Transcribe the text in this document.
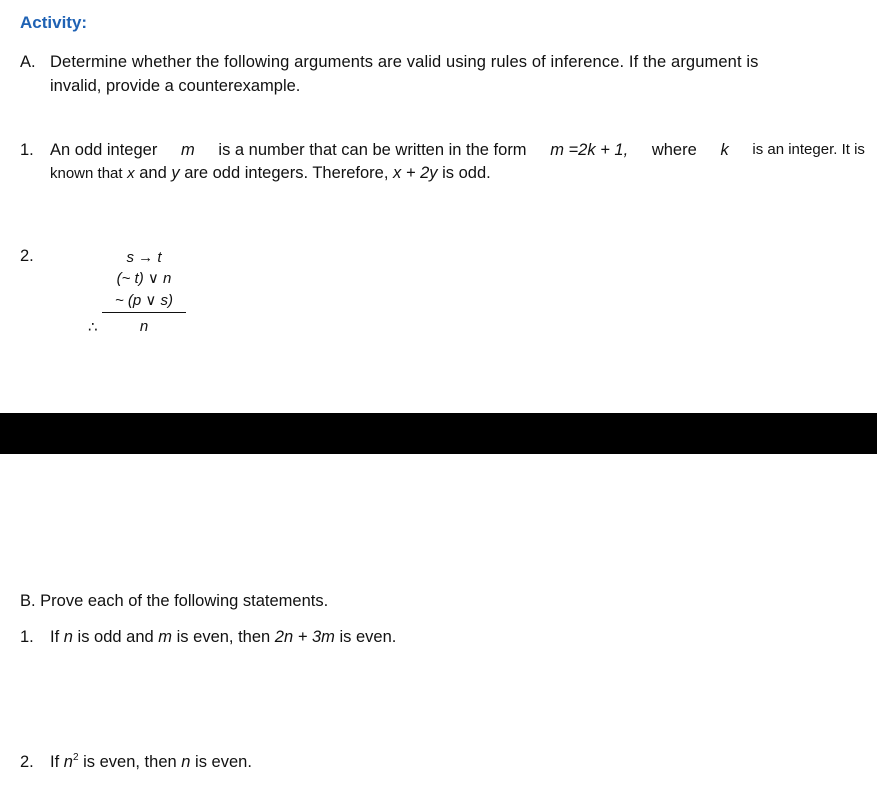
Activity:
A. Determine whether the following arguments are valid using rules of inference. If the argument is
invalid, provide a counterexample.
1. An odd integer m is a number that can be written in the form m =2k + 1, where k is an integer. It is
known that x and y are odd integers. Therefore, x + 2y is odd.
2.	s → t
(~ t) ∨ n
~ (p ∨ s)
∴	n
B. Prove each of the following statements.
1. If n is odd and m is even, then 2n + 3m is even.
2. If $n^2$ is even, then n is even.
